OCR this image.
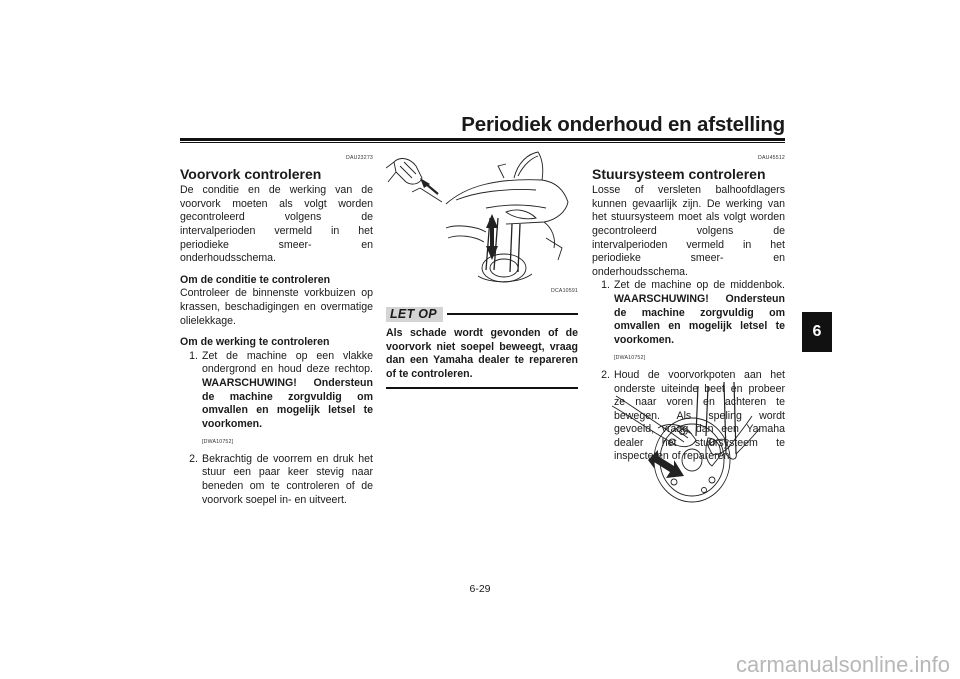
Periodiek onderhoud en afstelling
6
DAU23273
Voorvork controleren

De conditie en de werking van de voorvork moeten als volgt worden gecontroleerd volgens de intervalperioden vermeld in het periodieke smeer- en onderhoudsschema.

Om de conditie te controleren

Controleer de binnenste vorkbuizen op krassen, beschadigingen en overmatige olielekkage.

Om de werking te controleren

1. Zet de machine op een vlakke ondergrond en houd deze rechtop. WAARSCHUWING! Ondersteun de machine zorgvuldig om omvallen en mogelijk letsel te voorkomen.
[DWA10752]
2. Bekrachtig de voorrem en druk het stuur een paar keer stevig naar beneden om te controleren of de voorvork soepel in- en uitveert.
DCA10591
LET OP

Als schade wordt gevonden of de voorvork niet soepel beweegt, vraag dan een Yamaha dealer te repareren of te controleren.

DAU45512
Stuursysteem controleren

Losse of versleten balhoofdlagers kunnen gevaarlijk zijn. De werking van het stuursysteem moet als volgt worden gecontroleerd volgens de intervalperioden vermeld in het periodieke smeer- en onderhoudsschema.

1. Zet de machine op de middenbok. WAARSCHUWING! Ondersteun de machine zorgvuldig om omvallen en mogelijk letsel te voorkomen.
[DWA10752]
2. Houd de voorvorkpoten aan het onderste uiteinde beet en probeer ze naar voren en achteren te bewegen. Als speling wordt gevoeld, vraag dan een Yamaha dealer het stuursysteem te inspecteren of repareren.
6-29
carmanualsonline.info
